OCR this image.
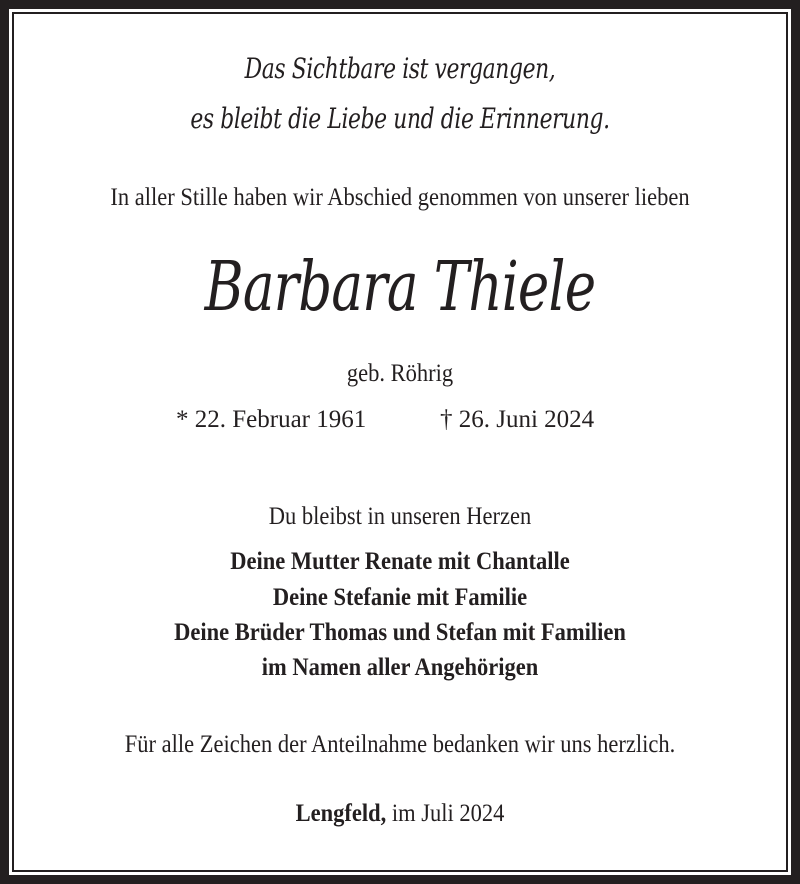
Das Sichtbare ist vergangen,
es bleibt die Liebe und die Erinnerung.
In aller Stille haben wir Abschied genommen von unserer lieben
Barbara Thiele
geb. Röhrig
* 22. Februar 1961	† 26. Juni 2024
Du bleibst in unseren Herzen
Deine Mutter Renate mit Chantalle
Deine Stefanie mit Familie
Deine Brüder Thomas und Stefan mit Familien
im Namen aller Angehörigen
Für alle Zeichen der Anteilnahme bedanken wir uns herzlich.
Lengfeld, im Juli 2024
